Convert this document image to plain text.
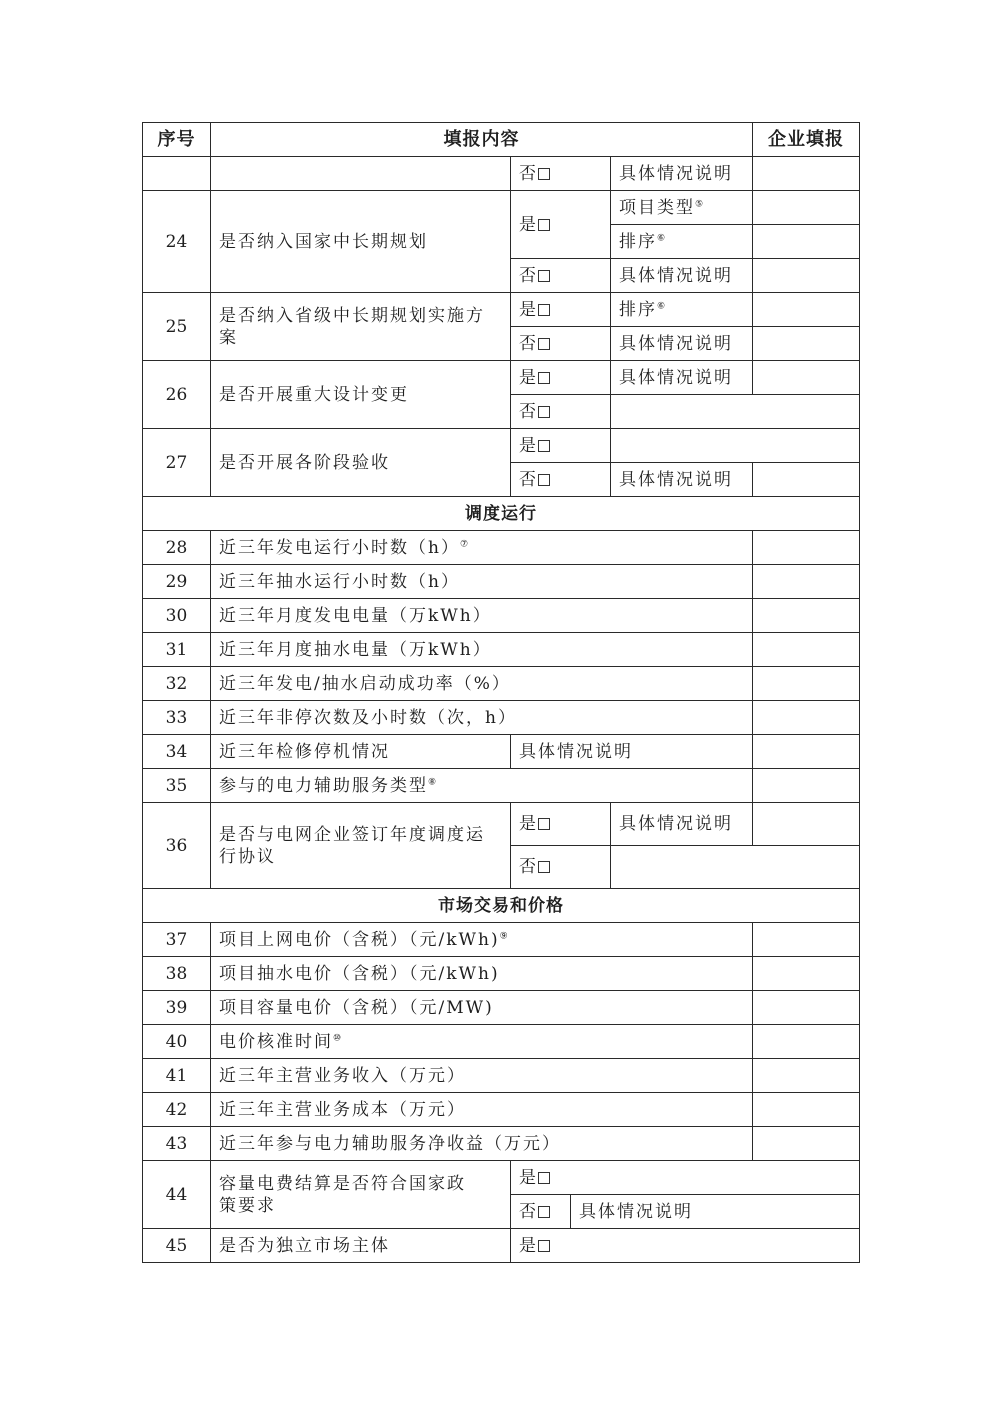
序号	填报内容				企业填报	
		否		具体情况说明		
24	是否纳入国家中长期规划	是		项目类型⑤	
				排序⑥	
		否		具体情况说明		
25	是否纳入省级中长期规划实施方案	是		排序⑥	
		否		具体情况说明		
26	是否开展重大设计变更	是		具体情况说明		
		否				
27	是否开展各阶段验收	是				
		否		具体情况说明		
调度运行						
28	近三年发电运行小时数（h）⑦	
29	近三年抽水运行小时数（h）					
30	近三年月度发电电量（万kWh）					
31	近三年月度抽水电量（万kWh）					
32	近三年发电/抽水启动成功率（%）					
33	近三年非停次数及小时数（次，h）					
34	近三年检修停机情况	具体情况说明				
35	参与的电力辅助服务类型⑧	
36	是否与电网企业签订年度调度运行协议	是		具体情况说明		
		否				
市场交易和价格						
37	项目上网电价（含税）（元/kWh)⑨	
38	项目抽水电价（含税）（元/kWh)					
39	项目容量电价（含税）（元/MW)					
40	电价核准时间⑩	
41	近三年主营业务收入（万元）					
42	近三年主营业务成本（万元）					
43	近三年参与电力辅助服务净收益（万元）					
44	容量电费结算是否符合国家政策要求	是				
		否	具体情况说明			
45	是否为独立市场主体	是				
